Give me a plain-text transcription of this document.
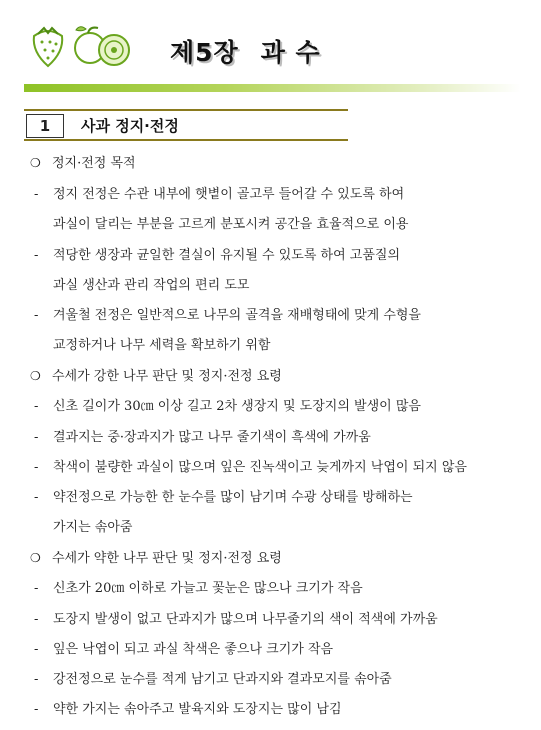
제5장 과 수
1	사과 정지·전정
❍ 정지·전정 목적
- 정지 전정은 수관 내부에 햇볕이 골고루 들어갈 수 있도록 하여
과실이 달리는 부분을 고르게 분포시켜 공간을 효율적으로 이용
- 적당한 생장과 균일한 결실이 유지될 수 있도록 하여 고품질의
과실 생산과 관리 작업의 편리 도모
- 겨울철 전정은 일반적으로 나무의 골격을 재배형태에 맞게 수형을
교정하거나 나무 세력을 확보하기 위함
❍ 수세가 강한 나무 판단 및 정지·전정 요령
- 신초 길이가 30㎝ 이상 길고 2차 생장지 및 도장지의 발생이 많음
- 결과지는 중·장과지가 많고 나무 줄기색이 흑색에 가까움
- 착색이 불량한 과실이 많으며 잎은 진녹색이고 늦게까지 낙엽이 되지 않음
- 약전정으로 가능한 한 눈수를 많이 남기며 수광 상태를 방해하는
가지는 솎아줌
❍ 수세가 약한 나무 판단 및 정지·전정 요령
- 신초가 20㎝ 이하로 가늘고 꽃눈은 많으나 크기가 작음
- 도장지 발생이 없고 단과지가 많으며 나무줄기의 색이 적색에 가까움
- 잎은 낙엽이 되고 과실 착색은 좋으나 크기가 작음
- 강전정으로 눈수를 적게 남기고 단과지와 결과모지를 솎아줌
- 약한 가지는 솎아주고 발육지와 도장지는 많이 남김
